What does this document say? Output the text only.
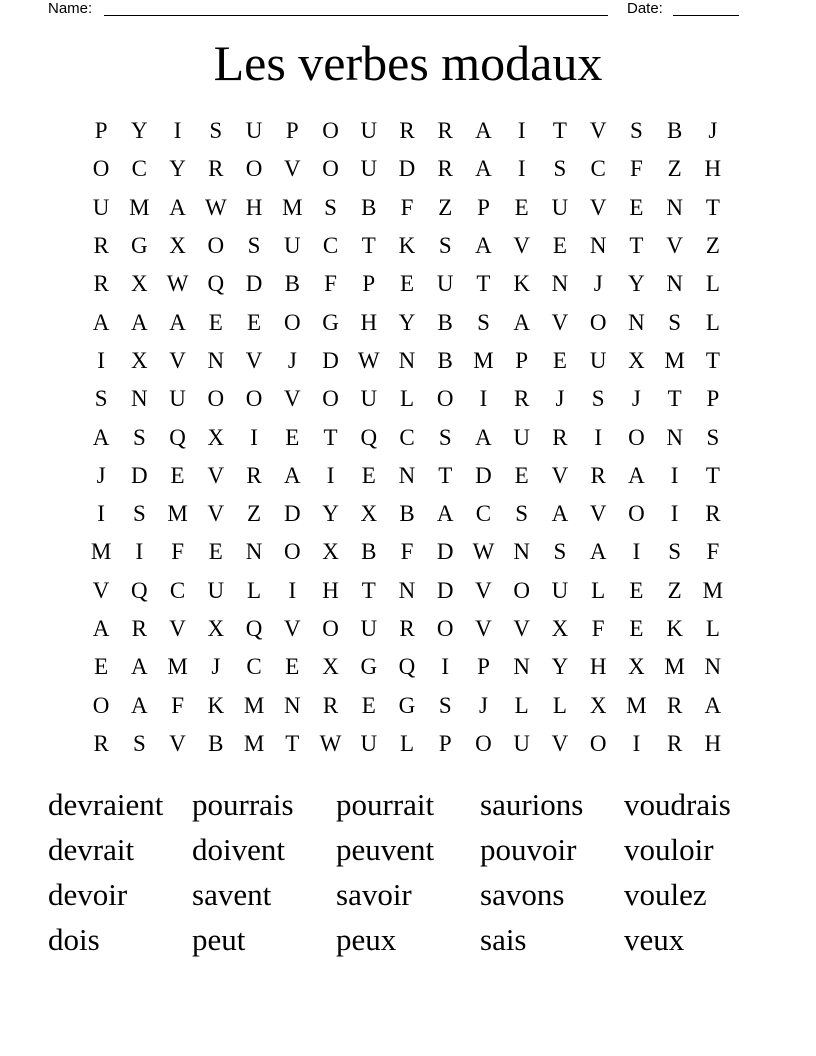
Name:	Date:
Les verbes modaux
P	Y	I	S	U	P	O U R R A	I	T V	S	B	J
O C Y R O V O U D R A	I	S	C	F	Z H
U M A W H M S	B	F	Z	P	E U V E N T
R G X O	S	U C	T K	S	A V E N T V Z
R X W Q D B	F	P	E U T K N	J	Y N L
A A A E	E O G H Y B	S	A V O N	S	L
I	X V N V	J	D W N B M P	E U X M T
S	N U O O V O U L O	I	R	J	S	J	T	P
A	S	Q X	I	E	T Q C	S	A U R	I	O N	S
J	D E V R A	I	E N T D E V R A	I	T
I	S M V Z D Y X B A C	S	A V O	I	R
M	I	F	E N O X B	F	D W N	S	A	I	S	F
V Q C U L	I	H T N D V O U L	E	Z M
A R V X Q V O U R O V V X	F	E K L
E A M	J	C	E X G Q	I	P	N Y H X M N
O A	F	K M N R	E G	S	J	L	L X M R A
R	S	V B M T W U L	P	O U V O	I	R H
devraient pourrais	pourrait	saurions	voudrais
devrait	doivent	peuvent	pouvoir	vouloir
devoir	savent	savoir	savons	voulez
dois	peut	peux	sais	veux
